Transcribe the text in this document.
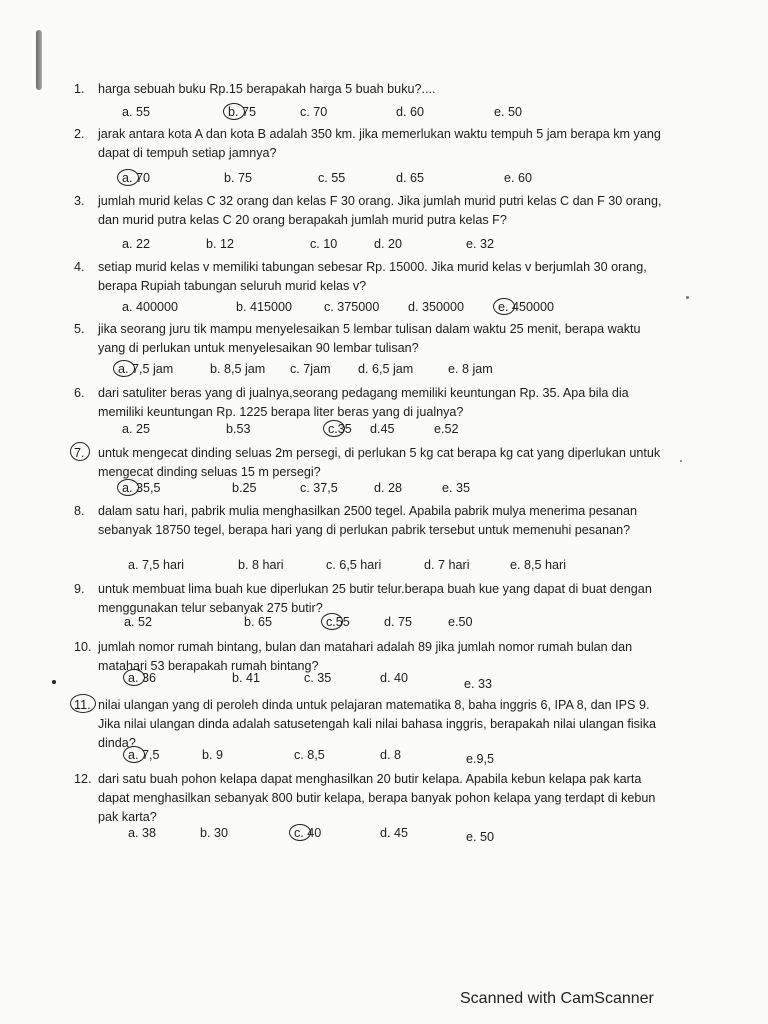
1.	harga sebuah buku Rp.15 berapakah harga 5 buah buku?....
a. 55	b. 75	c. 70	d. 60	e. 50
2.	jarak antara kota A dan kota B adalah 350 km. jika memerlukan waktu tempuh 5 jam berapa km yang dapat di tempuh setiap jamnya?
a. 70	b. 75	c. 55	d. 65	e. 60
3.	jumlah murid kelas C 32 orang dan kelas F 30 orang. Jika jumlah murid putri kelas C dan F 30 orang, dan murid putra kelas C 20 orang berapakah jumlah murid putra kelas F?
a. 22	b. 12	c. 10	d. 20	e. 32
4.	setiap murid kelas v memiliki tabungan sebesar Rp. 15000. Jika murid kelas v berjumlah 30 orang, berapa Rupiah tabungan seluruh murid kelas v?
a. 400000	b. 415000	c. 375000 d. 350000	e. 450000
5.	jika seorang juru tik mampu menyelesaikan 5 lembar tulisan dalam waktu 25 menit, berapa waktu yang di perlukan untuk menyelesaikan 90 lembar tulisan?
a. 7,5 jam	b. 8,5 jam c. 7jam d. 6,5 jam	e. 8 jam
6.	dari satuliter beras yang di jualnya,seorang pedagang memiliki keuntungan Rp. 35. Apa bila dia memiliki keuntungan Rp. 1225 berapa liter beras yang di jualnya?
a. 25	b.53	c.35 d.45	e.52
7.	untuk mengecat dinding seluas 2m persegi, di perlukan 5 kg cat berapa kg cat yang diperlukan untuk mengecat dinding seluas 15 m persegi?
a. 35,5	b.25	c. 37,5	d. 28	e. 35
8.	dalam satu hari, pabrik mulia menghasilkan 2500 tegel. Apabila pabrik mulya menerima pesanan sebanyak 18750 tegel, berapa hari yang di perlukan pabrik tersebut untuk memenuhi pesanan?
a. 7,5 hari	b. 8 hari	c. 6,5 hari	d. 7 hari	e. 8,5 hari
9.	untuk membuat lima buah kue diperlukan 25 butir telur.berapa buah kue yang dapat di buat dengan menggunakan telur sebanyak 275 butir?
a. 52	b. 65	c.55	d. 75	e.50
10. jumlah nomor rumah bintang, bulan dan matahari adalah 89 jika jumlah nomor rumah bulan dan matahari 53 berapakah rumah bintang?
a. 36	b. 41	c. 35	d. 40	e. 33
11. nilai ulangan yang di peroleh dinda untuk pelajaran matematika 8, baha inggris 6, IPA 8, dan IPS 9. Jika nilai ulangan dinda adalah satusetengah kali nilai bahasa inggris, berapakah nilai ulangan fisika dinda?
a. 7,5	b. 9	c. 8,5	d. 8	e.9,5
12. dari satu buah pohon kelapa dapat menghasilkan 20 butir kelapa. Apabila kebun kelapa pak karta dapat menghasilkan sebanyak 800 butir kelapa, berapa banyak pohon kelapa yang terdapt di kebun pak karta?
a. 38	b. 30	c. 40	d. 45	e. 50
Scanned with CamScanner
